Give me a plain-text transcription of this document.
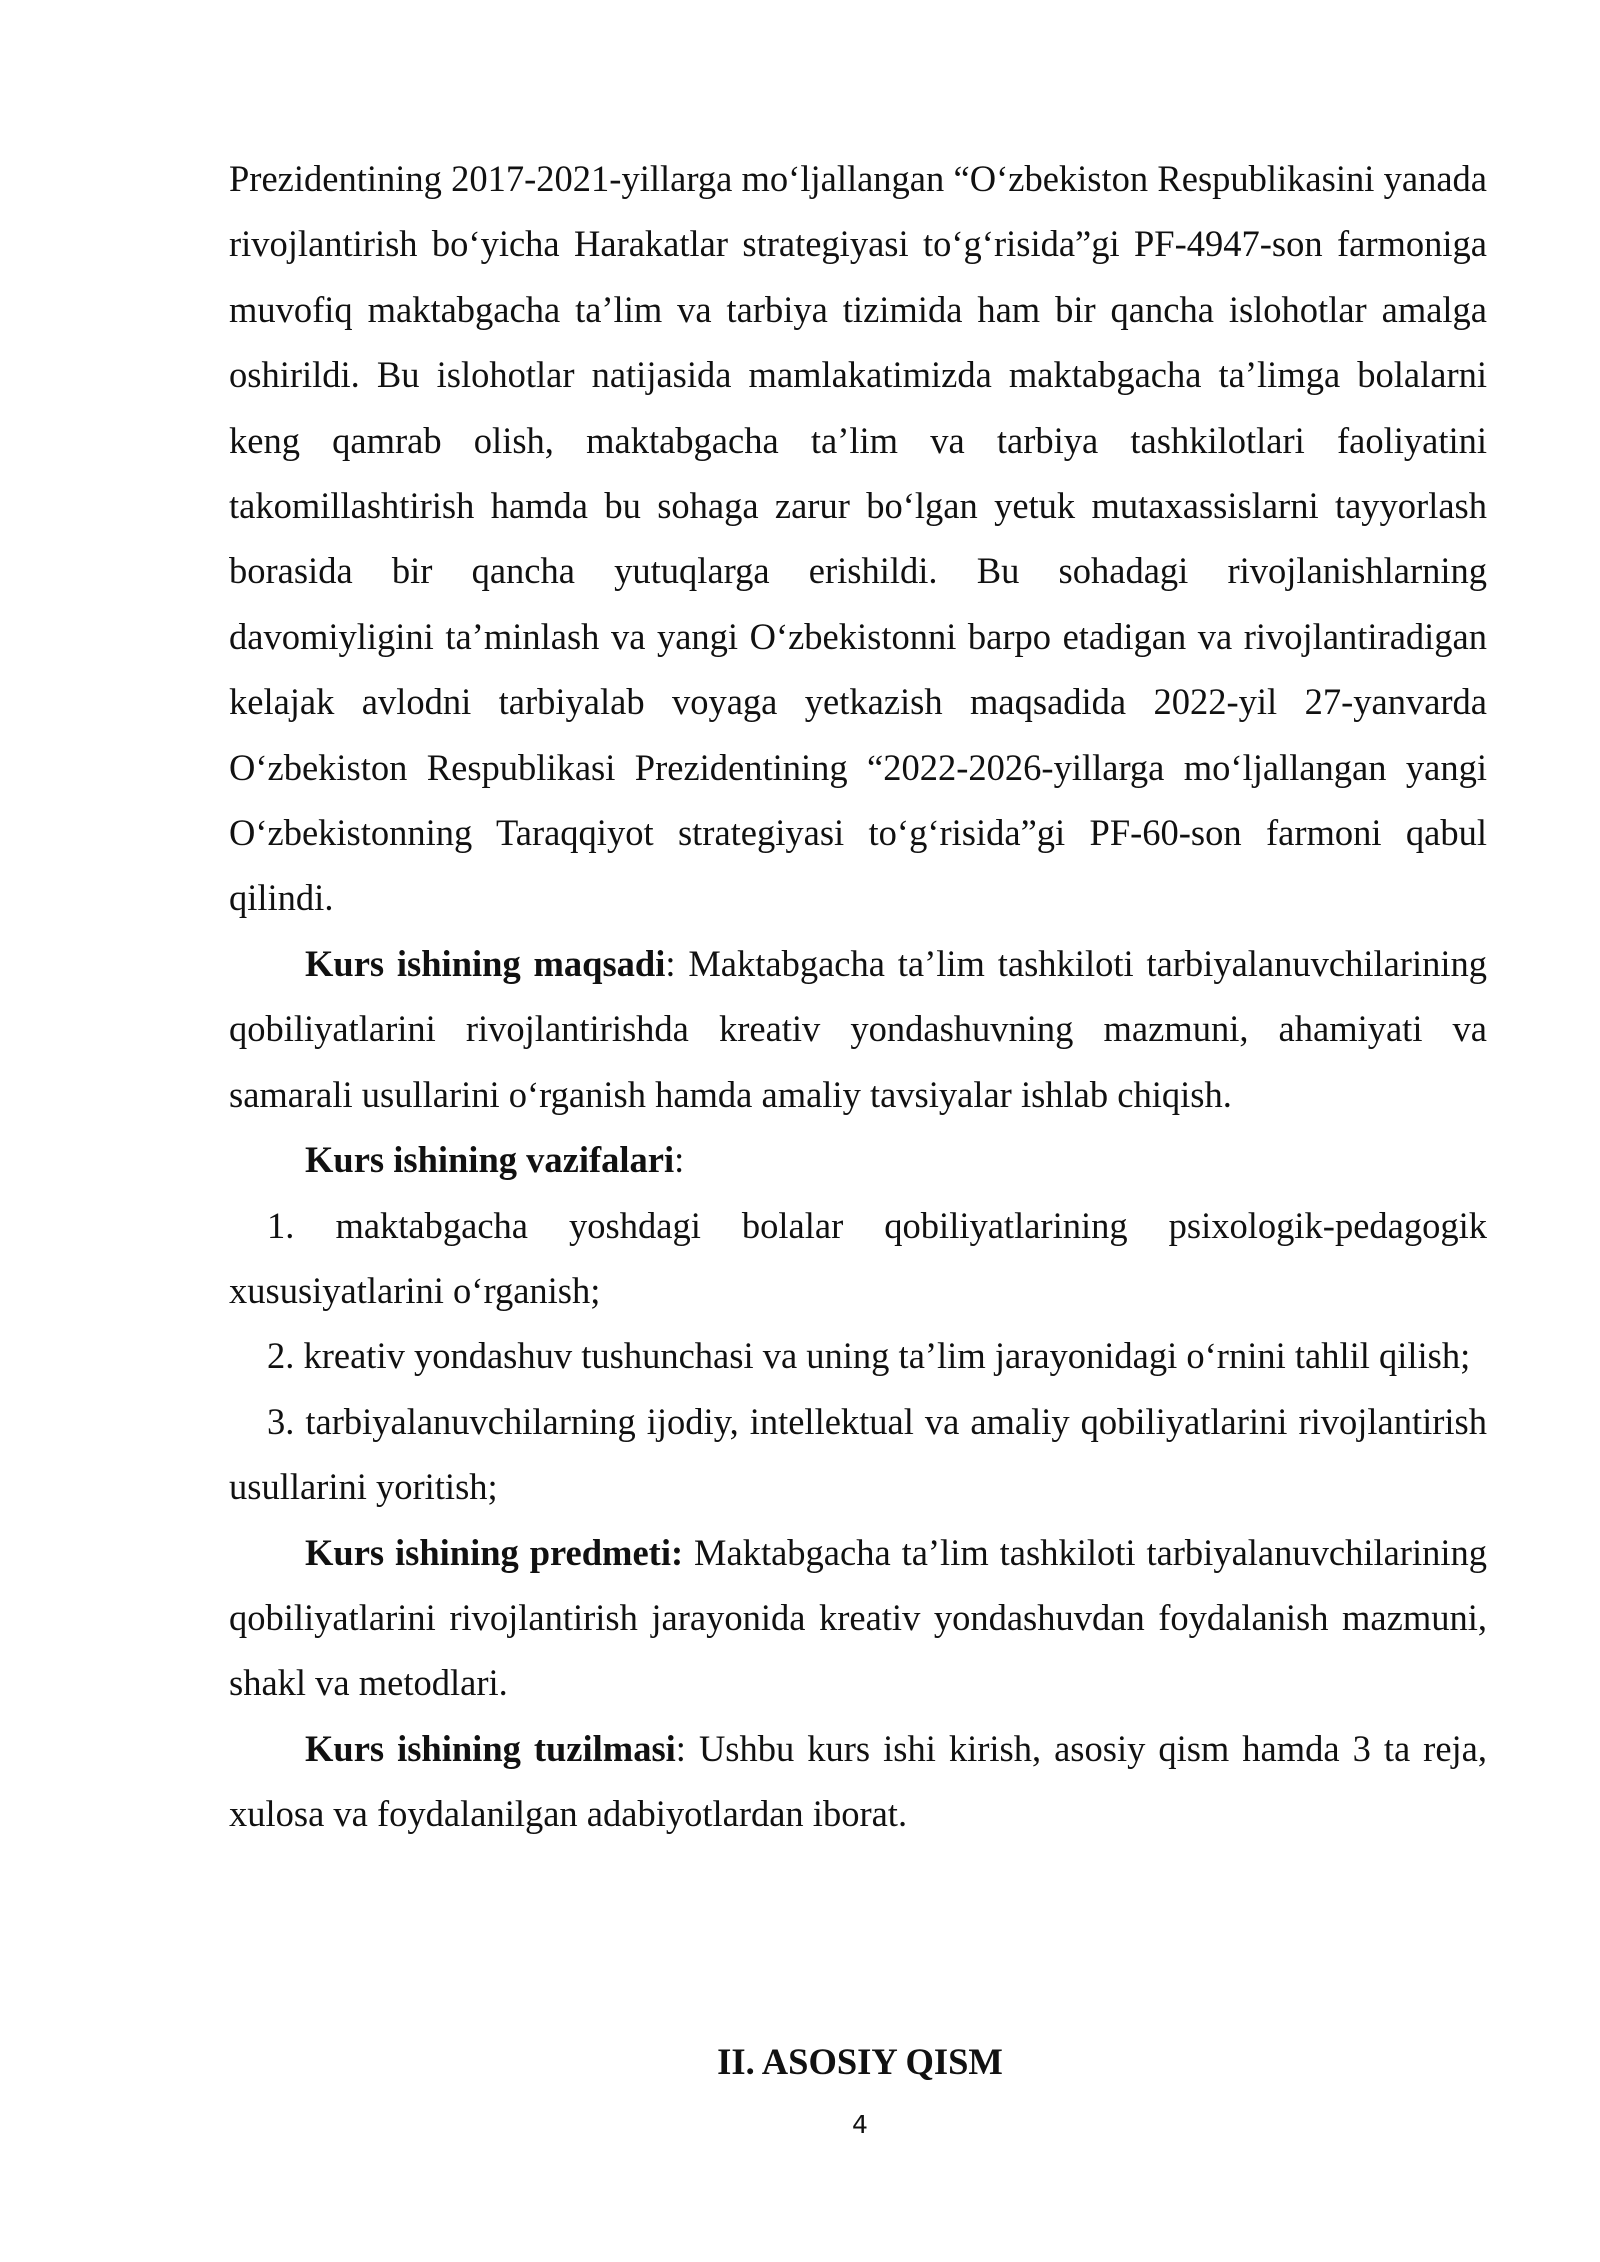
Prezidentining 2017-2021-yillarga mo‘ljallangan “O‘zbekiston Respublikasini yanada rivojlantirish bo‘yicha Harakatlar strategiyasi to‘g‘risida”gi PF-4947-son farmoniga muvofiq maktabgacha ta’lim va tarbiya tizimida ham bir qancha islohotlar amalga oshirildi. Bu islohotlar natijasida mamlakatimizda maktabgacha ta’limga bolalarni keng qamrab olish, maktabgacha ta’lim va tarbiya tashkilotlari faoliyatini takomillashtirish hamda bu sohaga zarur bo‘lgan yetuk mutaxassislarni tayyorlash borasida bir qancha yutuqlarga erishildi. Bu sohadagi rivojlanishlarning davomiyligini ta’minlash va yangi O‘zbekistonni barpo etadigan va rivojlantiradigan kelajak avlodni tarbiyalab voyaga yetkazish maqsadida 2022-yil 27-yanvarda O‘zbekiston Respublikasi Prezidentining “2022-2026-yillarga mo‘ljallangan yangi O‘zbekistonning Taraqqiyot strategiyasi to‘g‘risida”gi PF-60-son farmoni qabul qilindi.

Kurs ishining maqsadi: Maktabgacha ta’lim tashkiloti tarbiyalanuvchilarining qobiliyatlarini rivojlantirishda kreativ yondashuvning mazmuni, ahamiyati va samarali usullarini o‘rganish hamda amaliy tavsiyalar ishlab chiqish.

Kurs ishining vazifalari:

1. maktabgacha yoshdagi bolalar qobiliyatlarining psixologik-pedagogik xususiyatlarini o‘rganish;

2. kreativ yondashuv tushunchasi va uning ta’lim jarayonidagi o‘rnini tahlil qilish;

3. tarbiyalanuvchilarning ijodiy, intellektual va amaliy qobiliyatlarini rivojlantirish usullarini yoritish;

Kurs ishining predmeti: Maktabgacha ta’lim tashkiloti tarbiyalanuvchilarining qobiliyatlarini rivojlantirish jarayonida kreativ yondashuvdan foydalanish mazmuni, shakl va metodlari.

Kurs ishining tuzilmasi: Ushbu kurs ishi kirish, asosiy qism hamda 3 ta reja, xulosa va foydalanilgan adabiyotlardan iborat.

II. ASOSIY QISM
4
